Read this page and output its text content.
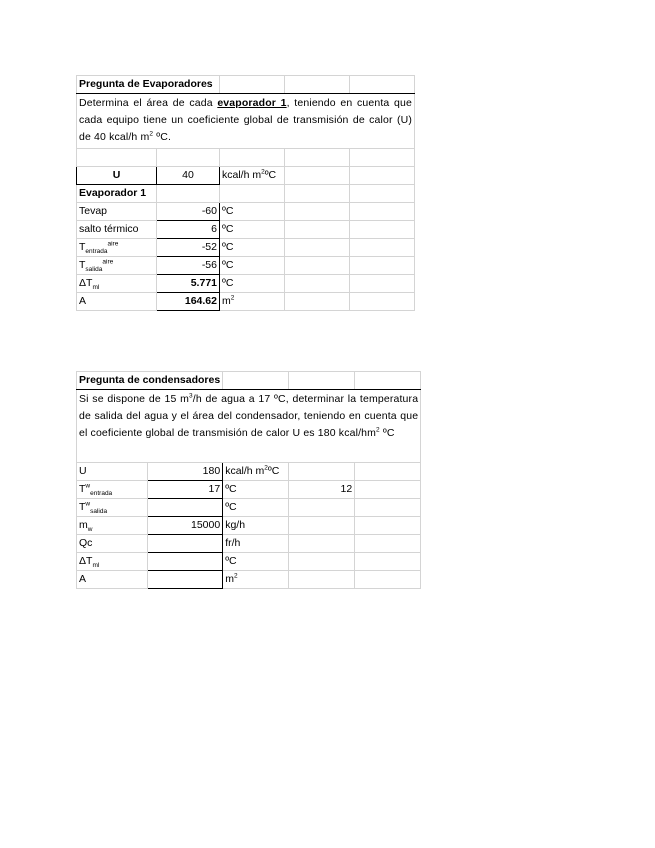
Pregunta de Evaporadores				
Determina el área de cada evaporador 1, teniendo en cuenta que cada equipo tiene un coeficiente global de transmisión de calor (U) de 40 kcal/h $m^2$ ºC.				

U	40	kcal/h $m^2ºC$		
Evaporador 1				
Tevap	-60	ºC		
salto térmico	6	ºC		
$T_{entrada}^{aire}$	-52	ºC		
$T_{salida}^{aire}$	-56	ºC		
$\Delta T_{ml}$	5.771	ºC		
A	164.62	$m^2$		
Pregunta de condensadores				
Si se dispone de 15 $m^3/h$ de agua a 17 ºC, determinar la temperatura de salida del agua y el área del condensador, teniendo en cuenta que el coeficiente global de transmisión de calor U es 180 kcal/$hm^2$ ºC				
U	180	kcal/h $m^2ºC$		
$T^w_{entrada}$	17	ºC	12	
$T^w_{salida}$		ºC		
$m_w$	15000	kg/h		
Qc		fr/h		
$\Delta T_{ml}$		ºC		
A		$m^2$		
